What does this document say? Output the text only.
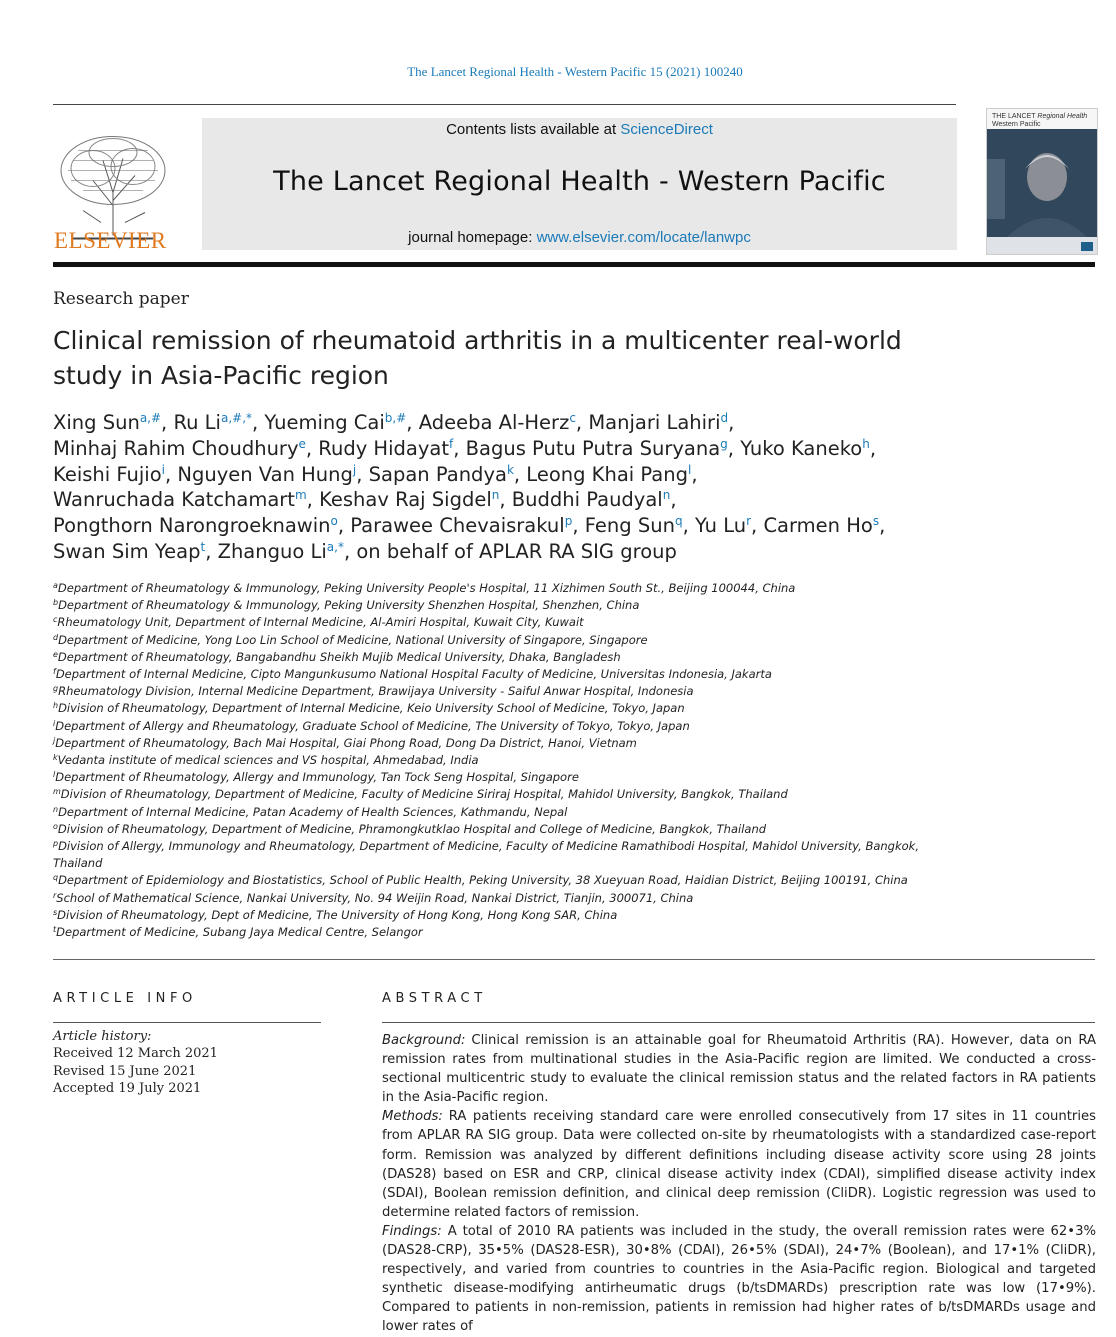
The Lancet Regional Health - Western Pacific 15 (2021) 100240
ELSEVIER
Contents lists available at ScienceDirect
The Lancet Regional Health - Western Pacific
journal homepage: www.elsevier.com/locate/lanwpc
THE LANCET Regional Health
Western Pacific
Research paper
Clinical remission of rheumatoid arthritis in a multicenter real-world study in Asia-Pacific region
Xing Sun$^{a,\#}$, Ru $Li^{a,\#,*}$, Yueming Cai$^{b,\#}$, Adeeba Al-Herz$^c$, Manjari Lahiri$^d$, Minhaj Rahim Choudhury$^e$, Rudy Hidayat$^f$, Bagus Putu Putra Suryana$^g$, Yuko Kaneko$^h$, Keishi Fujio$^i$, Nguyen Van Hung$^j$, Sapan Pandya$^k$, Leong Khai Pang$^l$, Wanruchada Katchamart$^m$, Keshav Raj Sigdel$^n$, Buddhi Paudyal$^n$, Pongthorn Narongroeknawin$^o$, Parawee Chevaisrakul$^p$, Feng Sun$^q$, Yu Lu$^r$, Carmen Ho$^s$, Swan Sim Yeap$^t$, Zhanguo $Li^{a,*}$, on behalf of APLAR RA SIG group
$^a$Department of Rheumatology & Immunology, Peking University People's Hospital, 11 Xizhimen South St., Beijing 100044, China
$^b$Department of Rheumatology & Immunology, Peking University Shenzhen Hospital, Shenzhen, China
$^c$Rheumatology Unit, Department of Internal Medicine, Al-Amiri Hospital, Kuwait City, Kuwait
$^d$Department of Medicine, Yong Loo Lin School of Medicine, National University of Singapore, Singapore
$^e$Department of Rheumatology, Bangabandhu Sheikh Mujib Medical University, Dhaka, Bangladesh
$^f$Department of Internal Medicine, Cipto Mangunkusumo National Hospital Faculty of Medicine, Universitas Indonesia, Jakarta
$^g$Rheumatology Division, Internal Medicine Department, Brawijaya University - Saiful Anwar Hospital, Indonesia
$^h$Division of Rheumatology, Department of Internal Medicine, Keio University School of Medicine, Tokyo, Japan
$^i$Department of Allergy and Rheumatology, Graduate School of Medicine, The University of Tokyo, Tokyo, Japan
$^j$Department of Rheumatology, Bach Mai Hospital, Giai Phong Road, Dong Da District, Hanoi, Vietnam
$^k$Vedanta institute of medical sciences and VS hospital, Ahmedabad, India
$^l$Department of Rheumatology, Allergy and Immunology, Tan Tock Seng Hospital, Singapore
$^m$Division of Rheumatology, Department of Medicine, Faculty of Medicine Siriraj Hospital, Mahidol University, Bangkok, Thailand
$^n$Department of Internal Medicine, Patan Academy of Health Sciences, Kathmandu, Nepal
$^o$Division of Rheumatology, Department of Medicine, Phramongkutklao Hospital and College of Medicine, Bangkok, Thailand
$^p$Division of Allergy, Immunology and Rheumatology, Department of Medicine, Faculty of Medicine Ramathibodi Hospital, Mahidol University, Bangkok, Thailand
$^q$Department of Epidemiology and Biostatistics, School of Public Health, Peking University, 38 Xueyuan Road, Haidian District, Beijing 100191, China
$^r$School of Mathematical Science, Nankai University, No. 94 Weijin Road, Nankai District, Tianjin, 300071, China
$^s$Division of Rheumatology, Dept of Medicine, The University of Hong Kong, Hong Kong SAR, China
$^t$Department of Medicine, Subang Jaya Medical Centre, Selangor
ARTICLE INFO	ABSTRACT
Article history:
Received 12 March 2021
Revised 15 June 2021
Accepted 19 July 2021

Background: Clinical remission is an attainable goal for Rheumatoid Arthritis (RA). However, data on RA remission rates from multinational studies in the Asia-Pacific region are limited. We conducted a cross-sectional multicentric study to evaluate the clinical remission status and the related factors in RA patients in the Asia-Pacific region.

Methods: RA patients receiving standard care were enrolled consecutively from 17 sites in 11 countries from APLAR RA SIG group. Data were collected on-site by rheumatologists with a standardized case-report form. Remission was analyzed by different definitions including disease activity score using 28 joints (DAS28) based on ESR and CRP, clinical disease activity index (CDAI), simplified disease activity index (SDAI), Boolean remission definition, and clinical deep remission (CliDR). Logistic regression was used to determine related factors of remission.

Findings: A total of 2010 RA patients was included in the study, the overall remission rates were 62•3% (DAS28-CRP), 35•5% (DAS28-ESR), 30•8% (CDAI), 26•5% (SDAI), 24•7% (Boolean), and 17•1% (CliDR), respectively, and varied from countries to countries in the Asia-Pacific region. Biological and targeted synthetic disease-modifying antirheumatic drugs (b/tsDMARDs) prescription rate was low (17•9%). Compared to patients in non-remission, patients in remission had higher rates of b/tsDMARDs usage and lower rates of
